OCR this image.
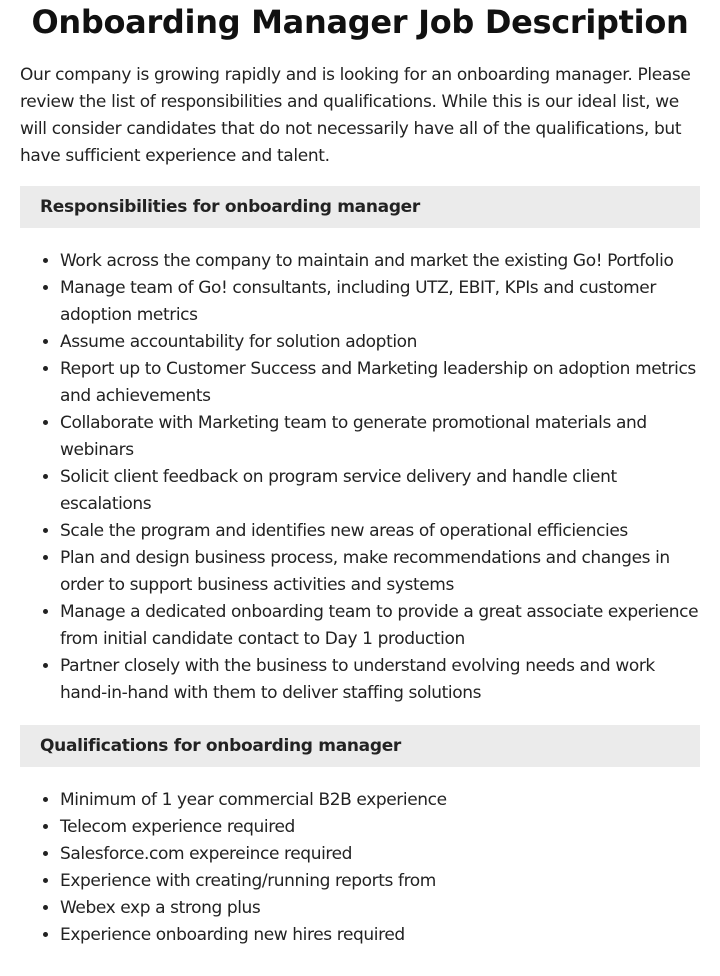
Onboarding Manager Job Description

Our company is growing rapidly and is looking for an onboarding manager. Please review the list of responsibilities and qualifications. While this is our ideal list, we will consider candidates that do not necessarily have all of the qualifications, but have sufficient experience and talent.

Responsibilities for onboarding manager
• Work across the company to maintain and market the existing Go! Portfolio
• Manage team of Go! consultants, including UTZ, EBIT, KPIs and customer adoption metrics
• Assume accountability for solution adoption
• Report up to Customer Success and Marketing leadership on adoption metrics and achievements
• Collaborate with Marketing team to generate promotional materials and webinars
• Solicit client feedback on program service delivery and handle client escalations
• Scale the program and identifies new areas of operational efficiencies
• Plan and design business process, make recommendations and changes in order to support business activities and systems
• Manage a dedicated onboarding team to provide a great associate experience from initial candidate contact to Day 1 production
• Partner closely with the business to understand evolving needs and work hand-in-hand with them to deliver staffing solutions
Qualifications for onboarding manager
• Minimum of 1 year commercial B2B experience
• Telecom experience required
• Salesforce.com expereince required
• Experience with creating/running reports from
• Webex exp a strong plus
• Experience onboarding new hires required
